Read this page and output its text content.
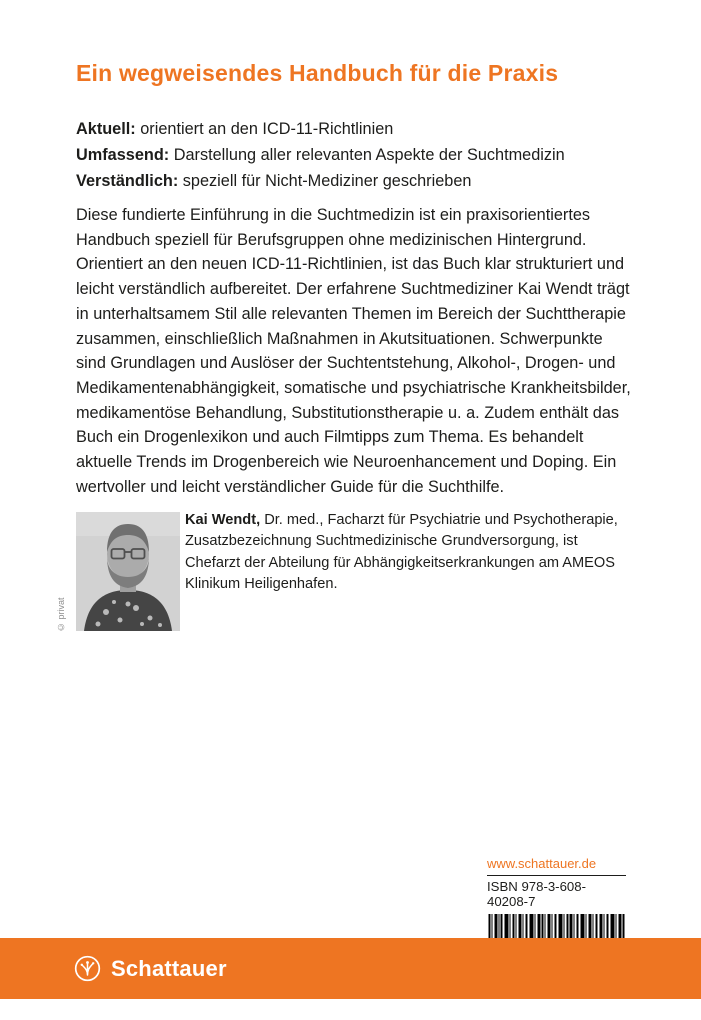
Ein wegweisendes Handbuch für die Praxis
Aktuell: orientiert an den ICD-11-Richtlinien
Umfassend: Darstellung aller relevanten Aspekte der Suchtmedizin
Verständlich: speziell für Nicht-Mediziner geschrieben

Diese fundierte Einführung in die Suchtmedizin ist ein praxisorientiertes Handbuch speziell für Berufsgruppen ohne medizinischen Hintergrund. Orientiert an den neuen ICD-11-Richtlinien, ist das Buch klar strukturiert und leicht verständlich aufbereitet. Der erfahrene Suchtmediziner Kai Wendt trägt in unterhaltsamem Stil alle relevanten Themen im Bereich der Suchttherapie zusammen, einschließlich Maßnahmen in Akutsituationen. Schwerpunkte sind Grundlagen und Auslöser der Suchtentstehung, Alkohol-, Drogen- und Medikamentenabhängigkeit, somatische und psychiatrische Krankheitsbilder, medikamentöse Behandlung, Substitutionstherapie u. a. Zudem enthält das Buch ein Drogenlexikon und auch Filmtipps zum Thema. Es behandelt aktuelle Trends im Drogenbereich wie Neuroenhancement und Doping. Ein wertvoller und leicht verständlicher Guide für die Suchthilfe.

© privat

Kai Wendt, Dr. med., Facharzt für Psychiatrie und Psychotherapie, Zusatzbezeichnung Suchtmedizinische Grundversorgung, ist Chefarzt der Abteilung für Abhängigkeitserkrankungen am AMEOS Klinikum Heiligenhafen.

www.schattauer.de
ISBN 978-3-608-40208-7
Schattauer
